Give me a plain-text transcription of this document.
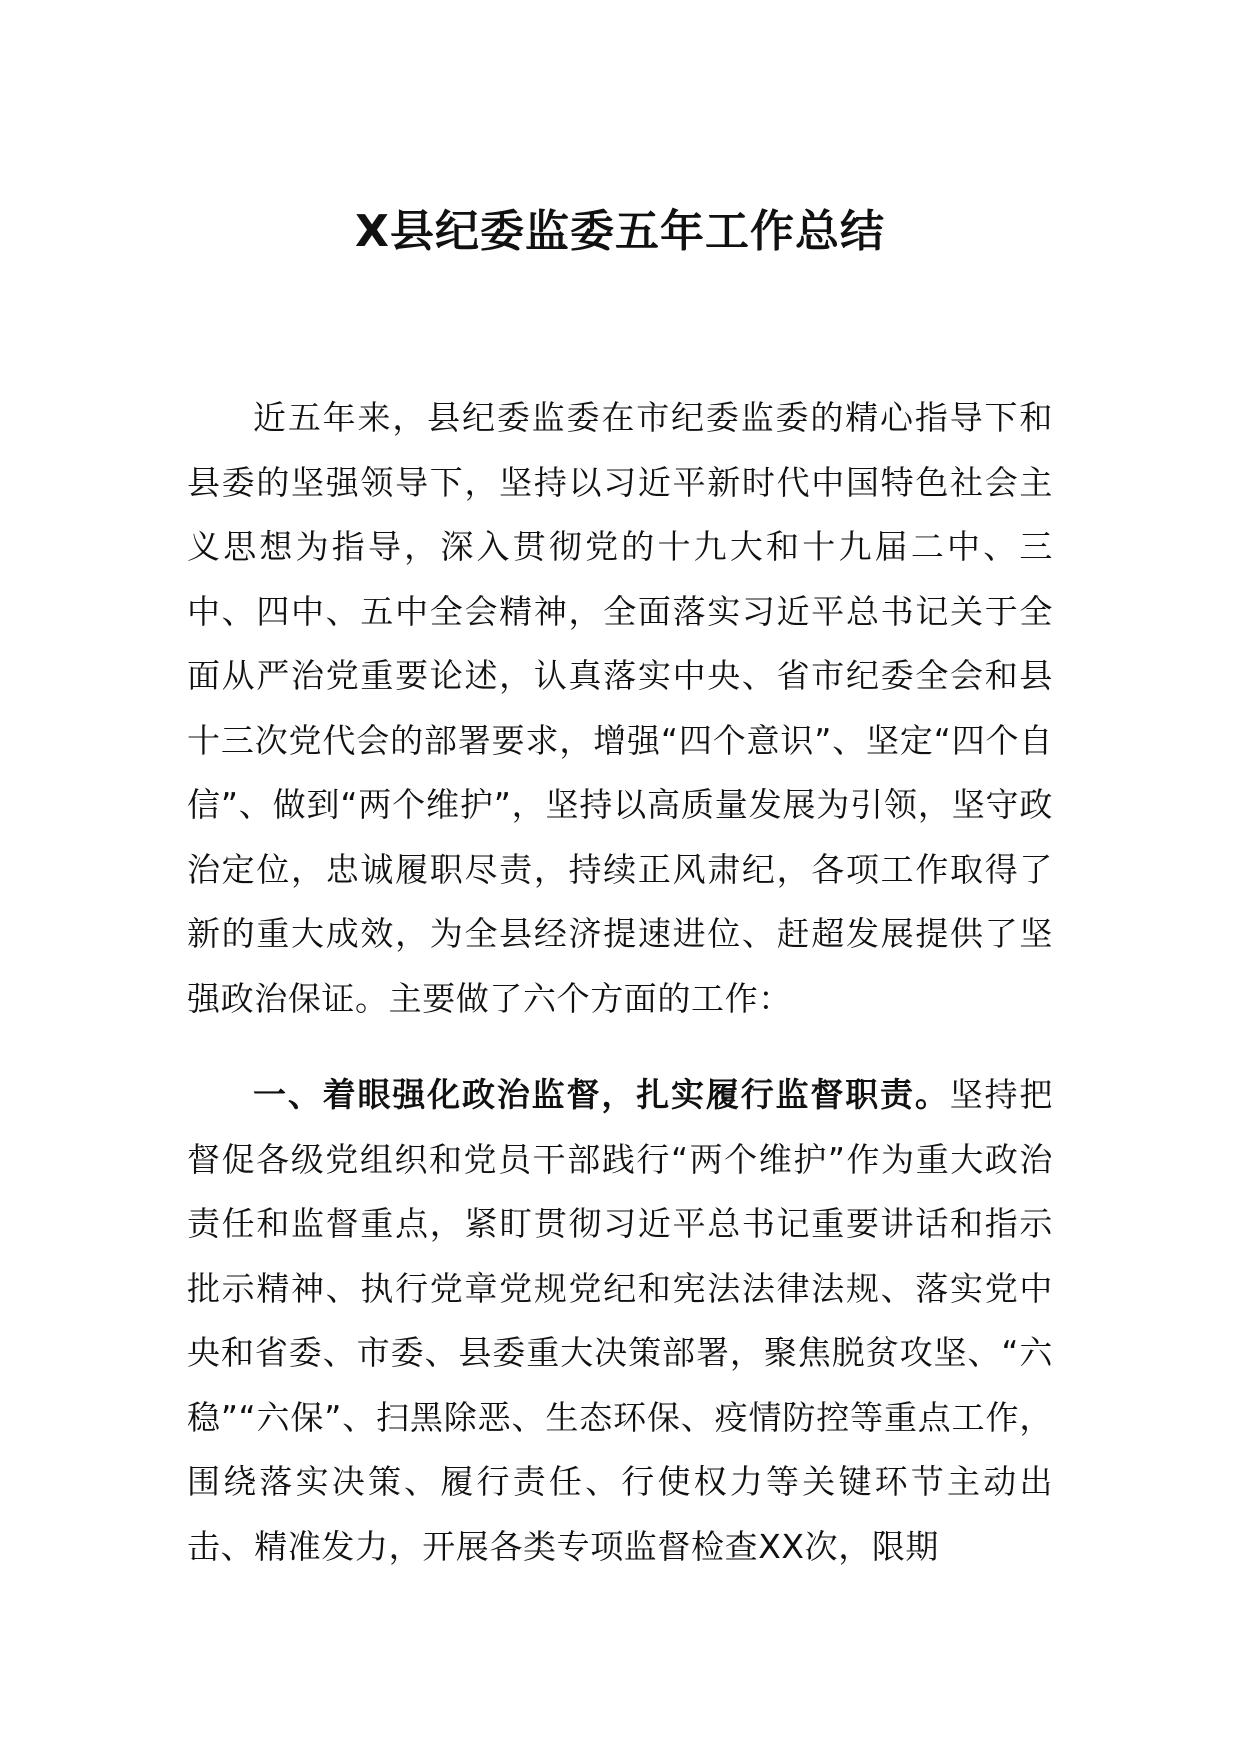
X县纪委监委五年工作总结

近五年来，县纪委监委在市纪委监委的精心指导下和县委的坚强领导下，坚持以习近平新时代中国特色社会主义思想为指导，深入贯彻党的十九大和十九届二中、三中、四中、五中全会精神，全面落实习近平总书记关于全面从严治党重要论述，认真落实中央、省市纪委全会和县十三次党代会的部署要求，增强“四个意识”、坚定“四个自信”、做到“两个维护”，坚持以高质量发展为引领，坚守政治定位，忠诚履职尽责，持续正风肃纪，各项工作取得了新的重大成效，为全县经济提速进位、赶超发展提供了坚强政治保证。主要做了六个方面的工作：

一、着眼强化政治监督，扎实履行监督职责。坚持把督促各级党组织和党员干部践行“两个维护”作为重大政治责任和监督重点，紧盯贯彻习近平总书记重要讲话和指示批示精神、执行党章党规党纪和宪法法律法规、落实党中央和省委、市委、县委重大决策部署，聚焦脱贫攻坚、“六稳”“六保”、扫黑除恶、生态环保、疫情防控等重点工作，围绕落实决策、履行责任、行使权力等关键环节主动出击、精准发力，开展各类专项监督检查XX次，限期
